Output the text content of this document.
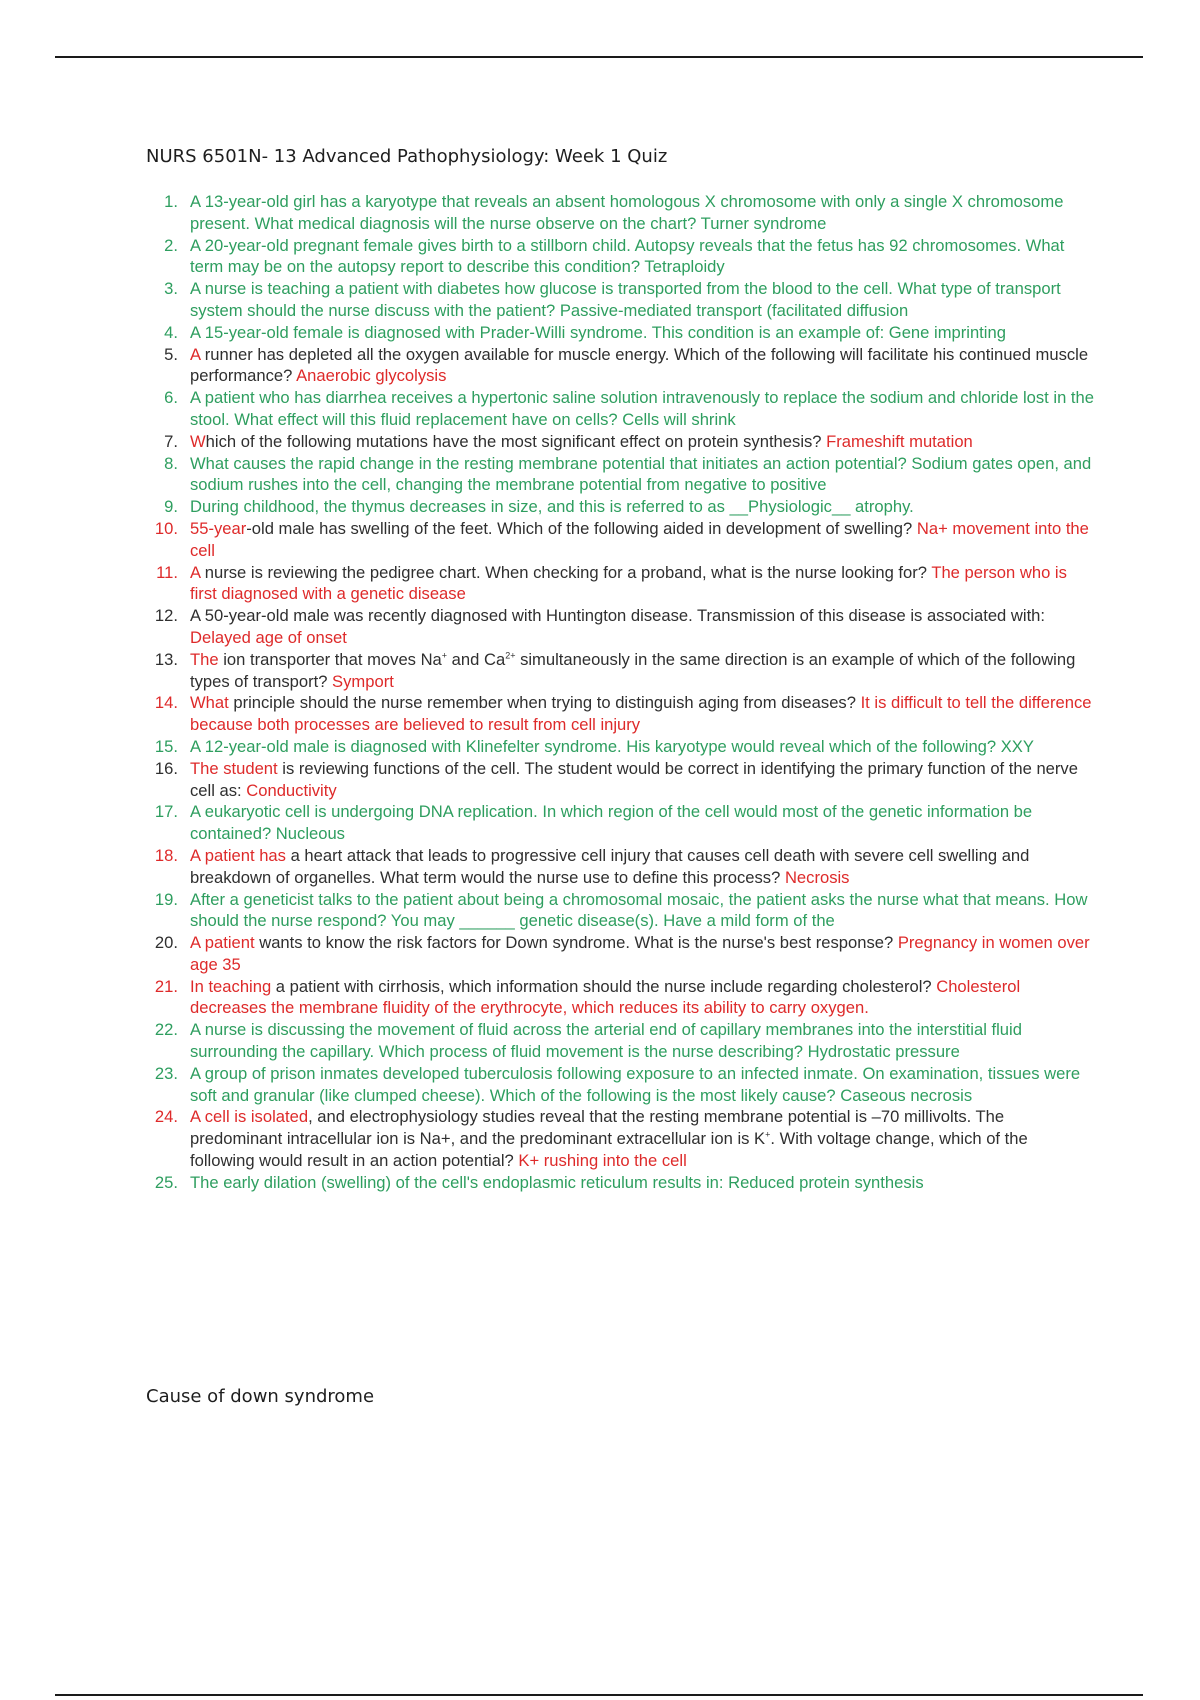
NURS 6501N- 13 Advanced Pathophysiology: Week 1 Quiz
1. A 13-year-old girl has a karyotype that reveals an absent homologous X chromosome with only a single X chromosome present. What medical diagnosis will the nurse observe on the chart? Turner syndrome
2. A 20-year-old pregnant female gives birth to a stillborn child. Autopsy reveals that the fetus has 92 chromosomes. What term may be on the autopsy report to describe this condition? Tetraploidy
3. A nurse is teaching a patient with diabetes how glucose is transported from the blood to the cell. What type of transport system should the nurse discuss with the patient? Passive-mediated transport (facilitated diffusion
4. A 15-year-old female is diagnosed with Prader-Willi syndrome. This condition is an example of: Gene imprinting
5. A runner has depleted all the oxygen available for muscle energy. Which of the following will facilitate his continued muscle performance? Anaerobic glycolysis
6. A patient who has diarrhea receives a hypertonic saline solution intravenously to replace the sodium and chloride lost in the stool. What effect will this fluid replacement have on cells? Cells will shrink
7. Which of the following mutations have the most significant effect on protein synthesis? Frameshift mutation
8. What causes the rapid change in the resting membrane potential that initiates an action potential? Sodium gates open, and sodium rushes into the cell, changing the membrane potential from negative to positive
9. During childhood, the thymus decreases in size, and this is referred to as __Physiologic__ atrophy.
10. 55-year-old male has swelling of the feet. Which of the following aided in development of swelling? Na+ movement into the cell
11. A nurse is reviewing the pedigree chart. When checking for a proband, what is the nurse looking for? The person who is first diagnosed with a genetic disease
12. A 50-year-old male was recently diagnosed with Huntington disease. Transmission of this disease is associated with: Delayed age of onset
13. The ion transporter that moves Na+ and $Ca^{2+}$ simultaneously in the same direction is an example of which of the following types of transport? Symport
14. What principle should the nurse remember when trying to distinguish aging from diseases? It is difficult to tell the difference because both processes are believed to result from cell injury
15. A 12-year-old male is diagnosed with Klinefelter syndrome. His karyotype would reveal which of the following? XXY
16. The student is reviewing functions of the cell. The student would be correct in identifying the primary function of the nerve cell as: Conductivity
17. A eukaryotic cell is undergoing DNA replication. In which region of the cell would most of the genetic information be contained? Nucleous
18. A patient has a heart attack that leads to progressive cell injury that causes cell death with severe cell swelling and breakdown of organelles. What term would the nurse use to define this process? Necrosis
19. After a geneticist talks to the patient about being a chromosomal mosaic, the patient asks the nurse what that means. How should the nurse respond? You may ______ genetic disease(s). Have a mild form of the
20. A patient wants to know the risk factors for Down syndrome. What is the nurse's best response? Pregnancy in women over age 35
21. In teaching a patient with cirrhosis, which information should the nurse include regarding cholesterol? Cholesterol decreases the membrane fluidity of the erythrocyte, which reduces its ability to carry oxygen.
22. A nurse is discussing the movement of fluid across the arterial end of capillary membranes into the interstitial fluid surrounding the capillary. Which process of fluid movement is the nurse describing? Hydrostatic pressure
23. A group of prison inmates developed tuberculosis following exposure to an infected inmate. On examination, tissues were soft and granular (like clumped cheese). Which of the following is the most likely cause? Caseous necrosis
24. A cell is isolated, and electrophysiology studies reveal that the resting membrane potential is –70 millivolts. The predominant intracellular ion is Na+, and the predominant extracellular ion is K+. With voltage change, which of the following would result in an action potential? K+ rushing into the cell
25. The early dilation (swelling) of the cell's endoplasmic reticulum results in: Reduced protein synthesis
Cause of down syndrome
